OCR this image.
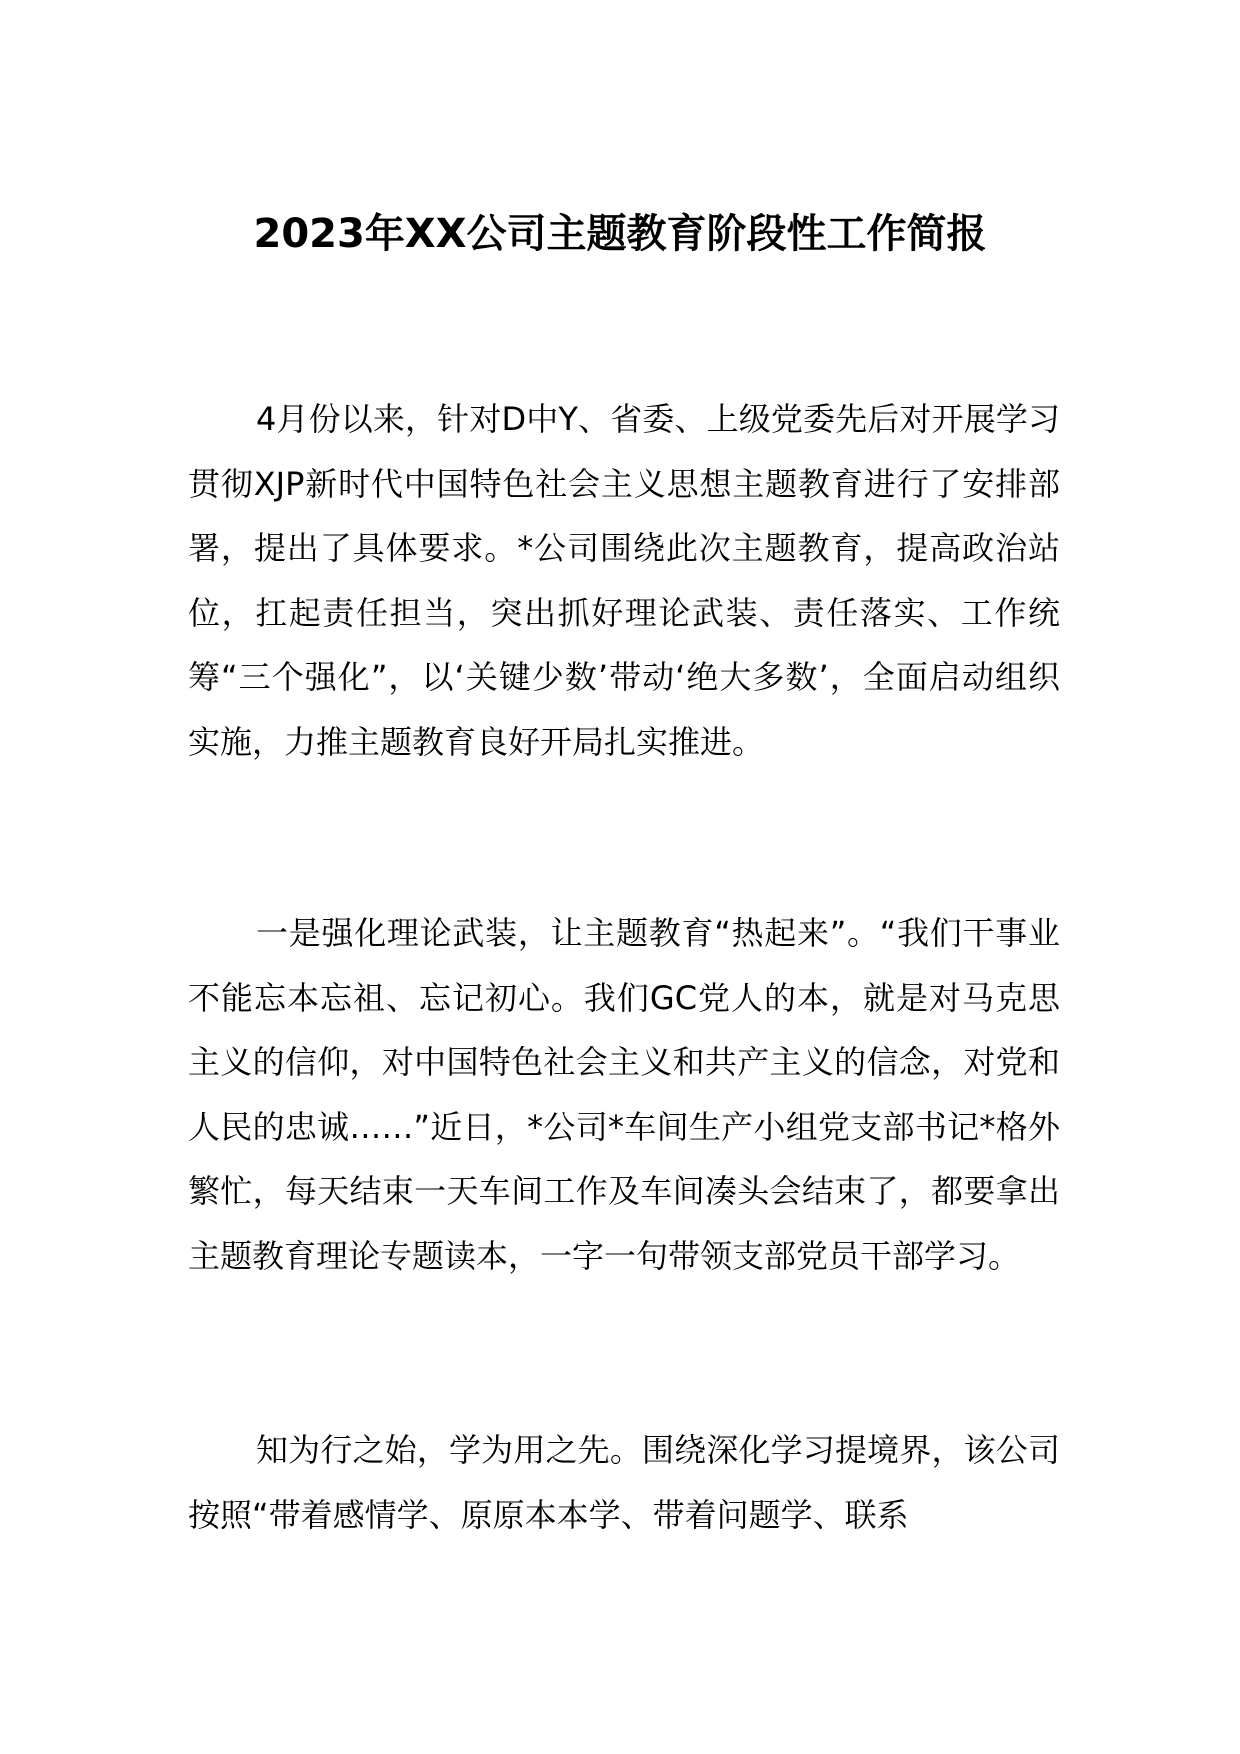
2023年XX公司主题教育阶段性工作简报

4月份以来，针对D中Y、省委、上级党委先后对开展学习贯彻XJP新时代中国特色社会主义思想主题教育进行了安排部署，提出了具体要求。*公司围绕此次主题教育，提高政治站位，扛起责任担当，突出抓好理论武装、责任落实、工作统筹“三个强化”，以‘关键少数’带动‘绝大多数’，全面启动组织实施，力推主题教育良好开局扎实推进。

一是强化理论武装，让主题教育“热起来”。“我们干事业不能忘本忘祖、忘记初心。我们GC党人的本，就是对马克思主义的信仰，对中国特色社会主义和共产主义的信念，对党和人民的忠诚……”近日，*公司*车间生产小组党支部书记*格外繁忙，每天结束一天车间工作及车间凑头会结束了，都要拿出主题教育理论专题读本，一字一句带领支部党员干部学习。

知为行之始，学为用之先。围绕深化学习提境界，该公司按照“带着感情学、原原本本学、带着问题学、联系
